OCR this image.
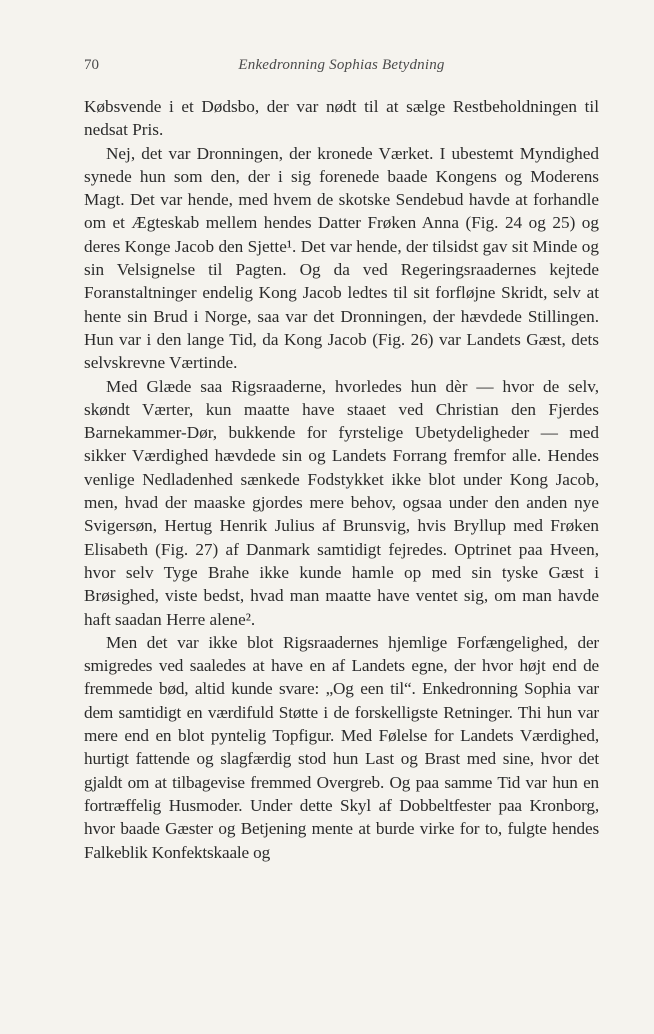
70	Enkedronning Sophias Betydning

Købsvende i et Dødsbo, der var nødt til at sælge Restbeholdningen til nedsat Pris.

Nej, det var Dronningen, der kronede Værket. I ubestemt Myndighed synede hun som den, der i sig forenede baade Kongens og Moderens Magt. Det var hende, med hvem de skotske Sendebud havde at forhandle om et Ægteskab mellem hendes Datter Frøken Anna (Fig. 24 og 25) og deres Konge Jacob den Sjette¹. Det var hende, der tilsidst gav sit Minde og sin Velsignelse til Pagten. Og da ved Regeringsraadernes kejtede Foranstaltninger endelig Kong Jacob ledtes til sit forfløjne Skridt, selv at hente sin Brud i Norge, saa var det Dronningen, der hævdede Stillingen. Hun var i den lange Tid, da Kong Jacob (Fig. 26) var Landets Gæst, dets selvskrevne Værtinde.

Med Glæde saa Rigsraaderne, hvorledes hun dèr — hvor de selv, skøndt Værter, kun maatte have staaet ved Christian den Fjerdes Barnekammer-Dør, bukkende for fyrstelige Ubetydeligheder — med sikker Værdighed hævdede sin og Landets Forrang fremfor alle. Hendes venlige Nedladenhed sænkede Fodstykket ikke blot under Kong Jacob, men, hvad der maaske gjordes mere behov, ogsaa under den anden nye Svigersøn, Hertug Henrik Julius af Brunsvig, hvis Bryllup med Frøken Elisabeth (Fig. 27) af Danmark samtidigt fejredes. Optrinet paa Hveen, hvor selv Tyge Brahe ikke kunde hamle op med sin tyske Gæst i Brøsighed, viste bedst, hvad man maatte have ventet sig, om man havde haft saadan Herre alene².

Men det var ikke blot Rigsraadernes hjemlige Forfængelighed, der smigredes ved saaledes at have en af Landets egne, der hvor højt end de fremmede bød, altid kunde svare: „Og een til“. Enkedronning Sophia var dem samtidigt en værdifuld Støtte i de forskelligste Retninger. Thi hun var mere end en blot pyntelig Topfigur. Med Følelse for Landets Værdighed, hurtigt fattende og slagfærdig stod hun Last og Brast med sine, hvor det gjaldt om at tilbagevise fremmed Overgreb. Og paa samme Tid var hun en fortræffelig Husmoder. Under dette Skyl af Dobbeltfester paa Kronborg, hvor baade Gæster og Betjening mente at burde virke for to, fulgte hendes Falkeblik Konfektskaale og
